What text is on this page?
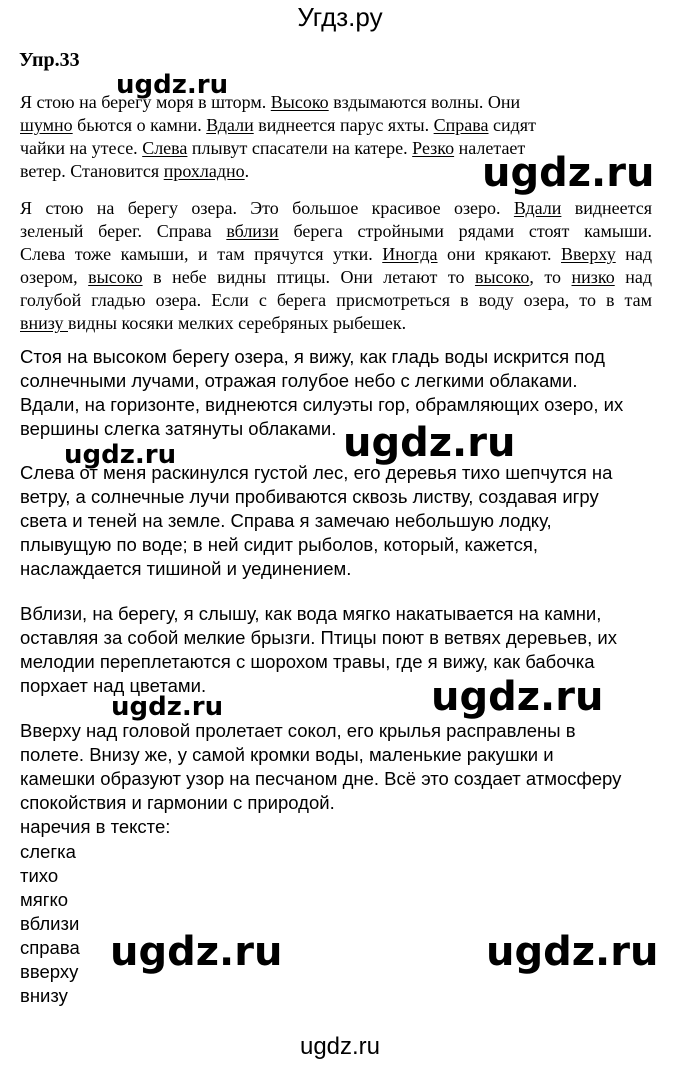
Угдз.ру
Упр.33
ugdz.ru
ugdz.ru
ugdz.ru	ugdz.ru
ugdz.ru
ugdz.ru
ugdz.ru	ugdz.ru
Я стою на берегу моря в шторм. Высоко вздымаются волны. Они
шумно бьются о камни. Вдали виднеется парус яхты. Справа сидят
чайки на утесе. Слева плывут спасатели на катере. Резко налетает
ветер. Становится прохладно.
Я стою на берегу озера. Это большое красивое озеро. Вдали виднеется
зеленый берег. Справа вблизи берега стройными рядами стоят камыши.
Слева тоже камыши, и там прячутся утки. Иногда они крякают. Вверху над
озером, высоко в небе видны птицы. Они летают то высоко, то низко над
голубой гладью озера. Если с берега присмотреться в воду озера, то в там
внизу видны косяки мелких серебряных рыбешек.
Стоя на высоком берегу озера, я вижу, как гладь воды искрится под
солнечными лучами, отражая голубое небо с легкими облаками.
Вдали, на горизонте, виднеются силуэты гор, обрамляющих озеро, их
вершины слегка затянуты облаками.
Слева от меня раскинулся густой лес, его деревья тихо шепчутся на
ветру, а солнечные лучи пробиваются сквозь листву, создавая игру
света и теней на земле. Справа я замечаю небольшую лодку,
плывущую по воде; в ней сидит рыболов, который, кажется,
наслаждается тишиной и уединением.
Вблизи, на берегу, я слышу, как вода мягко накатывается на камни,
оставляя за собой мелкие брызги. Птицы поют в ветвях деревьев, их
мелодии переплетаются с шорохом травы, где я вижу, как бабочка
порхает над цветами.
Вверху над головой пролетает сокол, его крылья расправлены в
полете. Внизу же, у самой кромки воды, маленькие ракушки и
камешки образуют узор на песчаном дне. Всё это создает атмосферу
спокойствия и гармонии с природой.
наречия в тексте:
слегка
тихо
мягко
вблизи
справа
вверху
внизу
ugdz.ru
